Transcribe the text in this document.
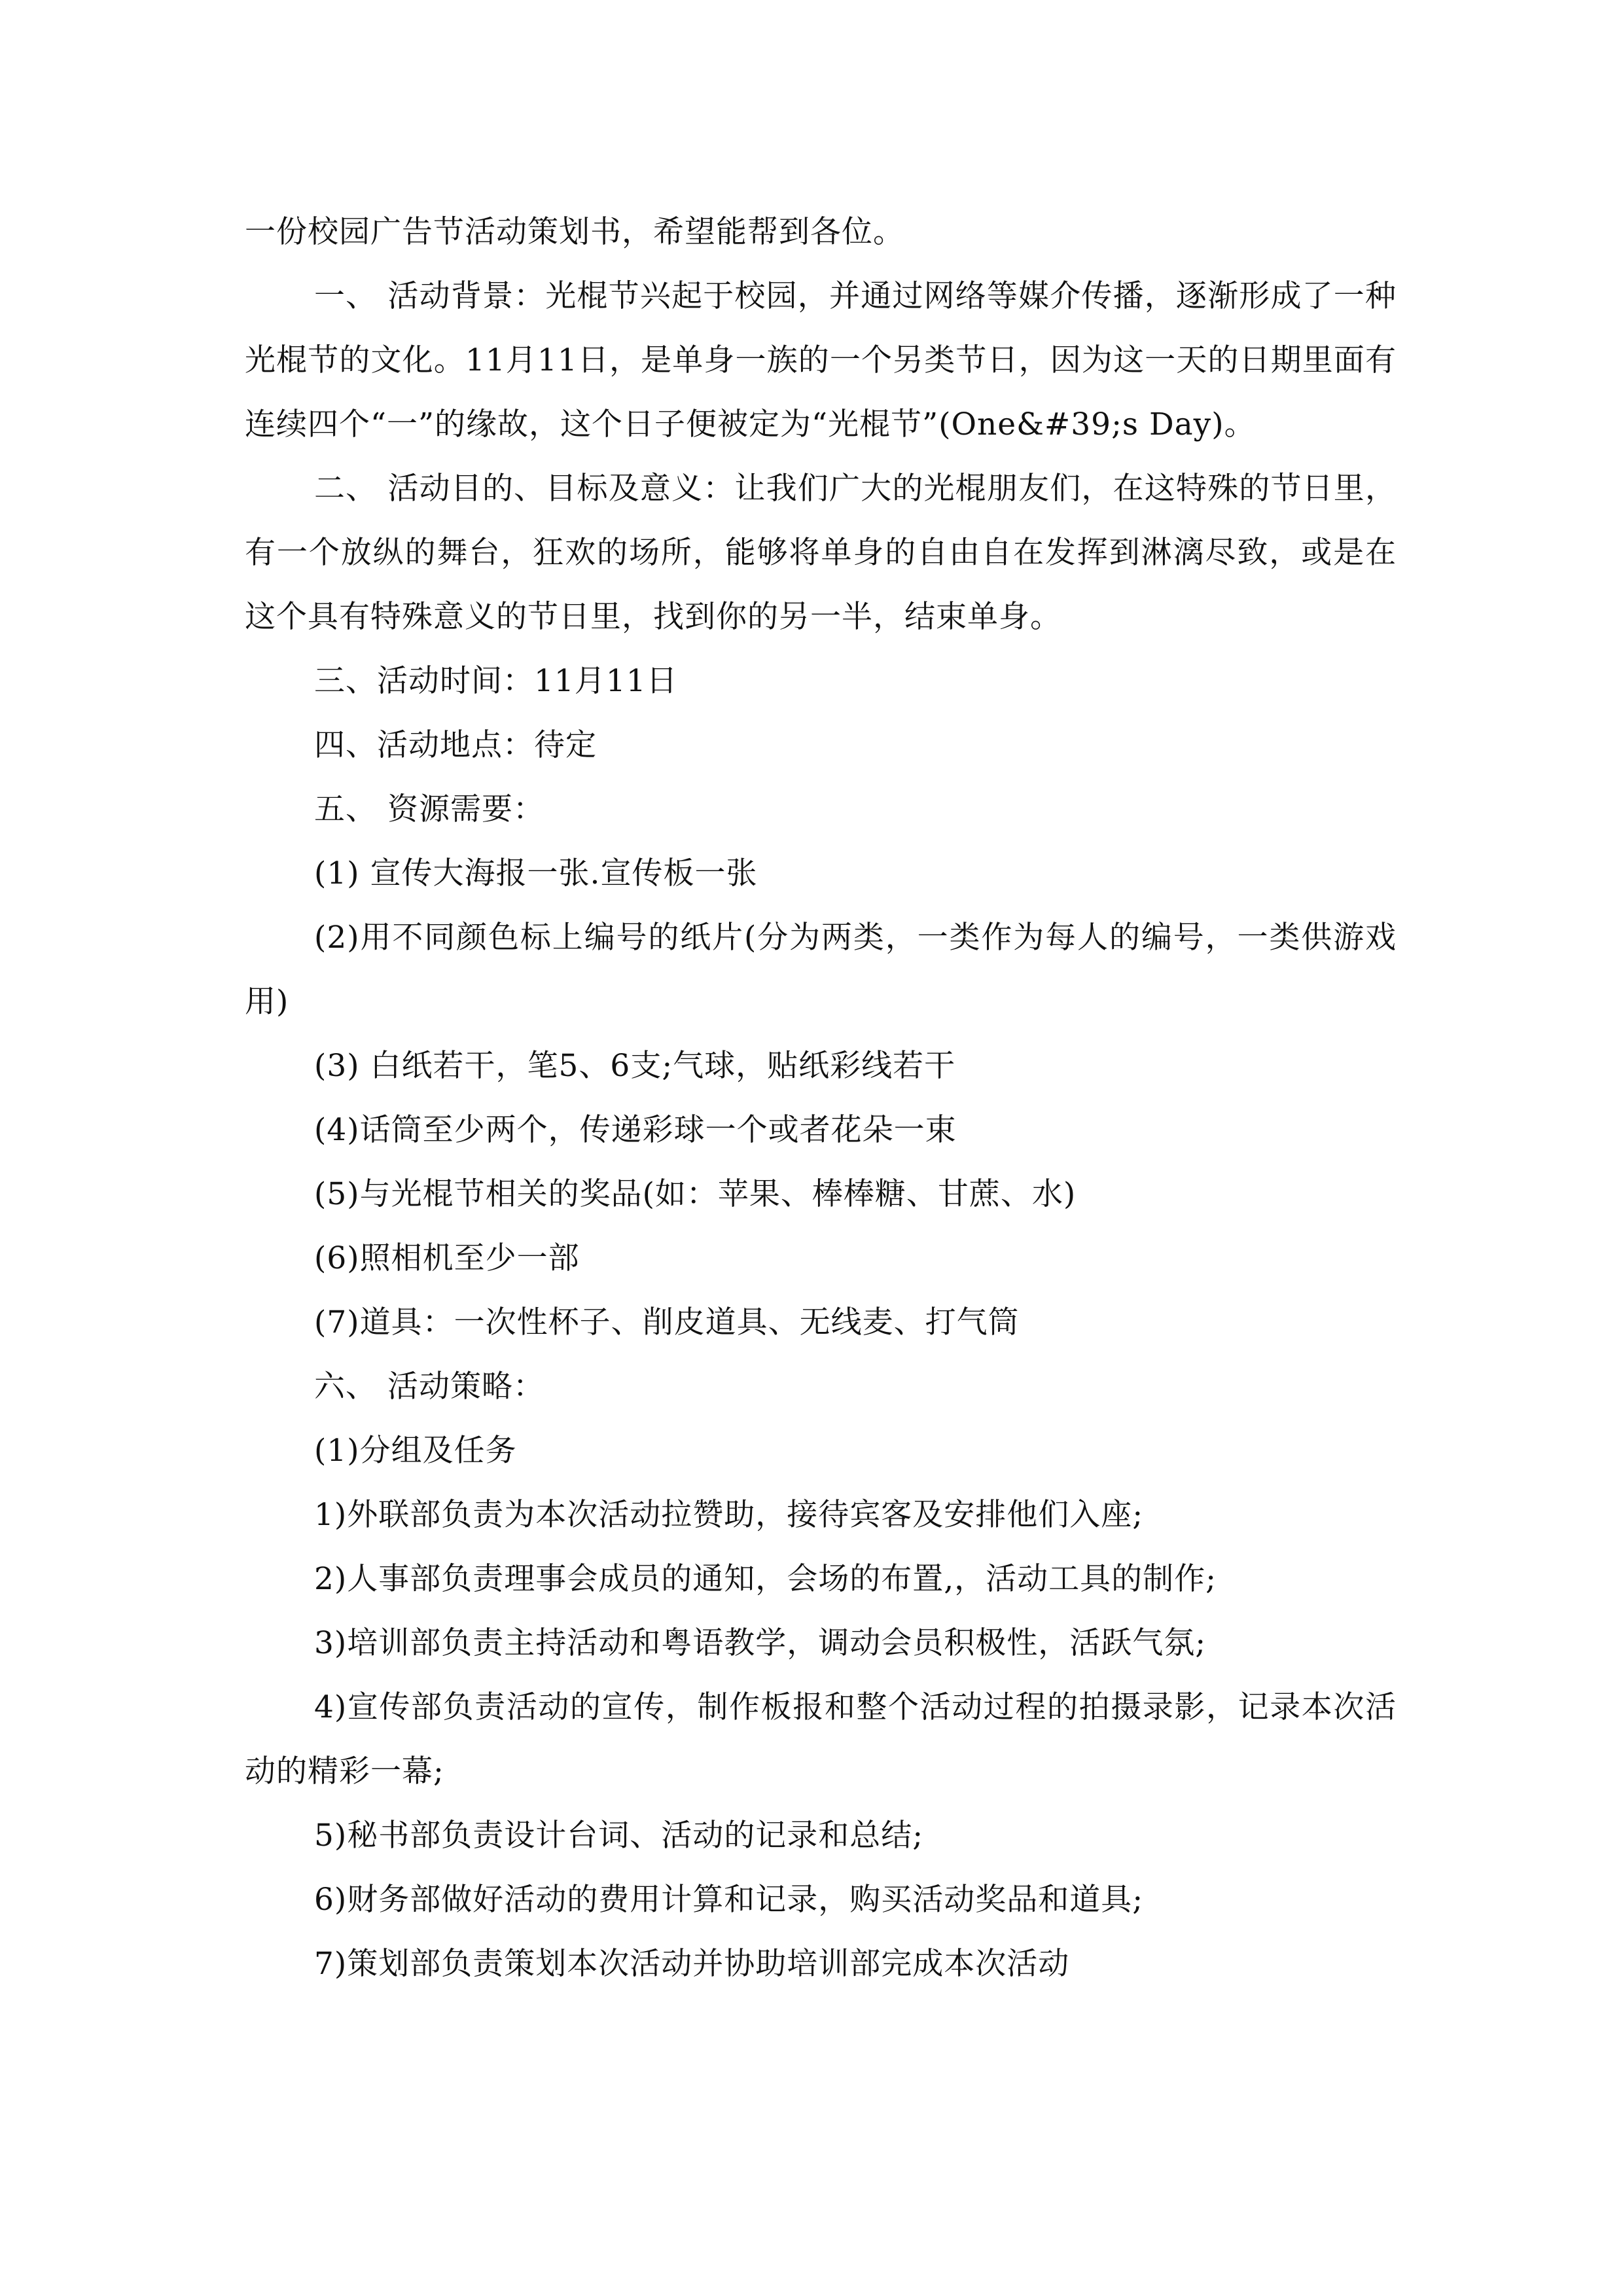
一份校园广告节活动策划书，希望能帮到各位。

一、 活动背景：光棍节兴起于校园，并通过网络等媒介传播，逐渐形成了一种光棍节的文化。11月11日，是单身一族的一个另类节日，因为这一天的日期里面有连续四个“一”的缘故，这个日子便被定为“光棍节”(One&#39;s Day)。

二、 活动目的、目标及意义：让我们广大的光棍朋友们，在这特殊的节日里，有一个放纵的舞台，狂欢的场所，能够将单身的自由自在发挥到淋漓尽致，或是在这个具有特殊意义的节日里，找到你的另一半，结束单身。

三、活动时间：11月11日

四、活动地点：待定

五、 资源需要：

(1) 宣传大海报一张.宣传板一张

(2)用不同颜色标上编号的纸片(分为两类，一类作为每人的编号，一类供游戏用)

(3) 白纸若干，笔5、6支;气球，贴纸彩线若干

(4)话筒至少两个，传递彩球一个或者花朵一束

(5)与光棍节相关的奖品(如：苹果、棒棒糖、甘蔗、水)

(6)照相机至少一部

(7)道具：一次性杯子、削皮道具、无线麦、打气筒

六、 活动策略：

(1)分组及任务

1)外联部负责为本次活动拉赞助，接待宾客及安排他们入座;

2)人事部负责理事会成员的通知，会场的布置,，活动工具的制作;

3)培训部负责主持活动和粤语教学，调动会员积极性，活跃气氛;

4)宣传部负责活动的宣传，制作板报和整个活动过程的拍摄录影，记录本次活动的精彩一幕;

5)秘书部负责设计台词、活动的记录和总结;

6)财务部做好活动的费用计算和记录，购买活动奖品和道具;

7)策划部负责策划本次活动并协助培训部完成本次活动
